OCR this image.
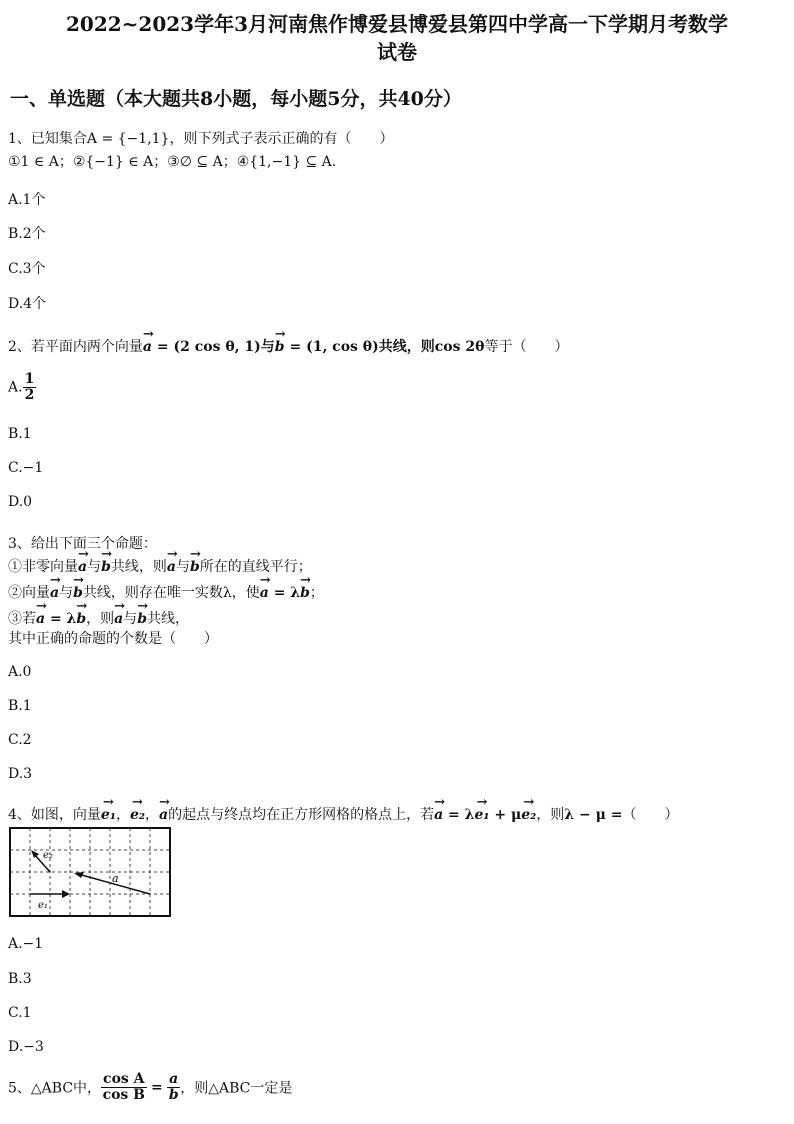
2022~2023学年3月河南焦作博爱县博爱县第四中学高一下学期月考数学
试卷
一、单选题（本大题共8小题，每小题5分，共40分）
1、已知集合A = {−1,1}，则下列式子表示正确的有（　　）
①1 ∈ A；②{−1} ∈ A；③∅ ⊆ A；④{1,−1} ⊆ A.
A.1个
B.2个
C.3个
D.4个
2、若平面内两个向量→ a = (2 cos θ, 1)与→ b = (1, cos θ)共线，则cos 2θ等于（　　）
A. $\frac{1}{2}$
B.1
C.−1
D.0
3、给出下面三个命题：
①非零向量→ a与→ b共线，则→ a与→ b所在的直线平行；
②向量→ a与→ b共线，则存在唯一实数λ，使→ a = λ→ b；
③若→ a = λ→ b，则→ a与→ b共线，
其中正确的命题的个数是（　　）
A.0
B.1
C.2
D.3
4、如图，向量→ e₁，→ e₂，→ a的起点与终点均在正方形网格的格点上，若→ a = λ→ e₁ + μ→ e₂，则λ − μ =（　　）
a
e₂
e₁
A.−1
B.3
C.1
D.−3
5、△ABC中， $\frac{\text{cos A}}{\text{cos B}} = \frac{a}{b}$ ，则△ABC一定是
